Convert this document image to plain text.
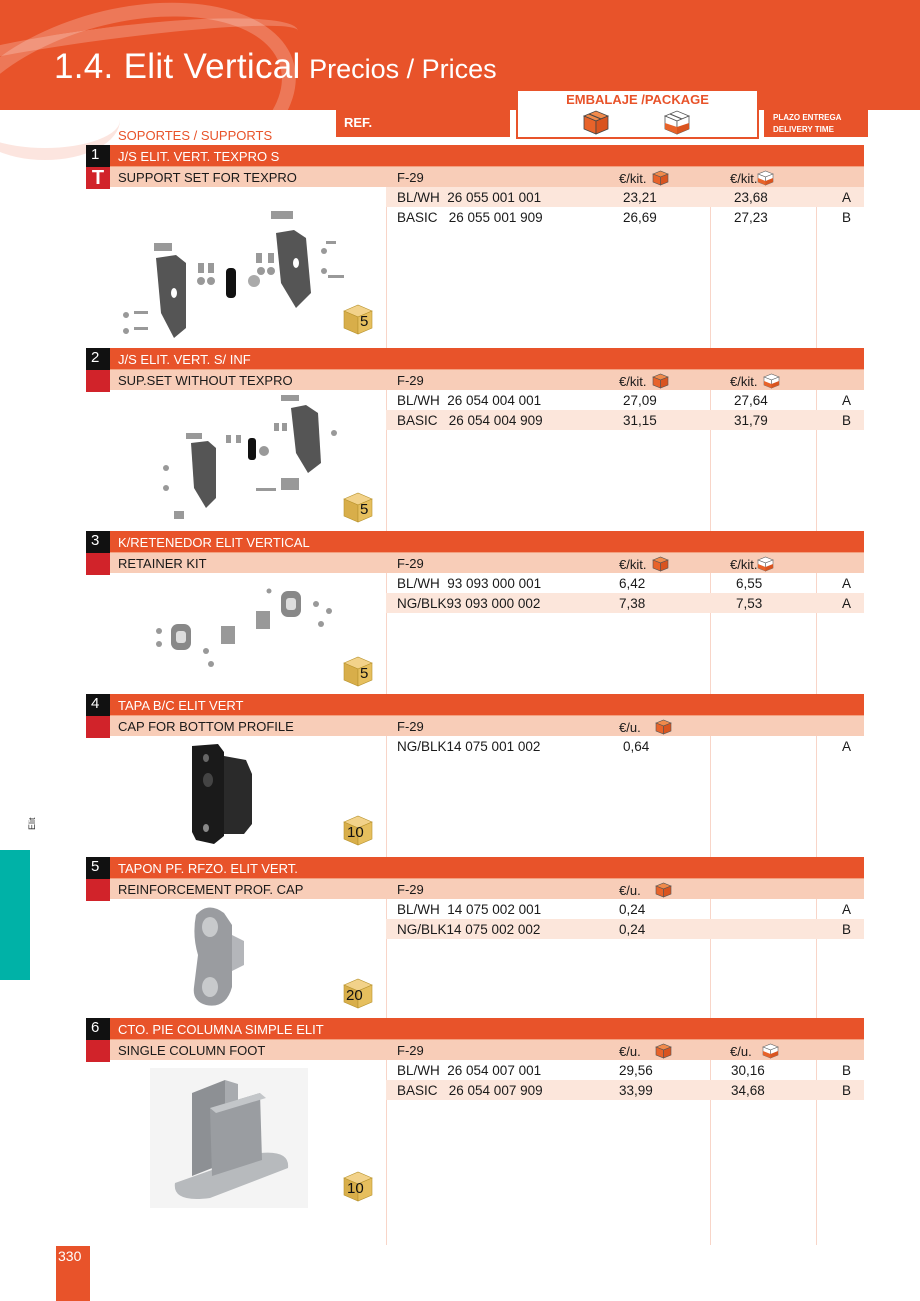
1.4. Elit Vertical Precios / Prices
REF.
EMBALAJE /PACKAGE
PLAZO ENTREGA
DELIVERY TIME
SOPORTES / SUPPORTS
1
T
J/S ELIT. VERT. TEXPRO S
SUPPORT SET FOR TEXPRO	F-29	€/kit.	€/kit.
BL/WH  26 055 001 001	23,21	23,68	A
BASIC   26 055 001 909	26,69	27,23	B
5
2	J/S ELIT. VERT. S/ INF
SUP.SET WITHOUT TEXPRO	F-29	€/kit.	€/kit.
BL/WH  26 054 004 001	27,09	27,64	A
BASIC   26 054 004 909	31,15	31,79	B
5
3	K/RETENEDOR ELIT VERTICAL
RETAINER KIT	F-29	€/kit.	€/kit.
BL/WH  93 093 000 001	6,42	6,55	A
NG/BLK93 093 000 002	7,38	7,53	A
5
4	TAPA B/C ELIT VERT
CAP FOR BOTTOM PROFILE	F-29	€/u.
NG/BLK14 075 001 002	0,64	A
10
5	TAPON PF. RFZO. ELIT VERT.
REINFORCEMENT PROF. CAP	F-29	€/u.
BL/WH  14 075 002 001	0,24	A
NG/BLK14 075 002 002	0,24	B
20
6	CTO. PIE COLUMNA SIMPLE ELIT
SINGLE COLUMN FOOT	F-29	€/u.	€/u.
BL/WH  26 054 007 001	29,56	30,16	B
BASIC   26 054 007 909	33,99	34,68	B
10
Elit
330
